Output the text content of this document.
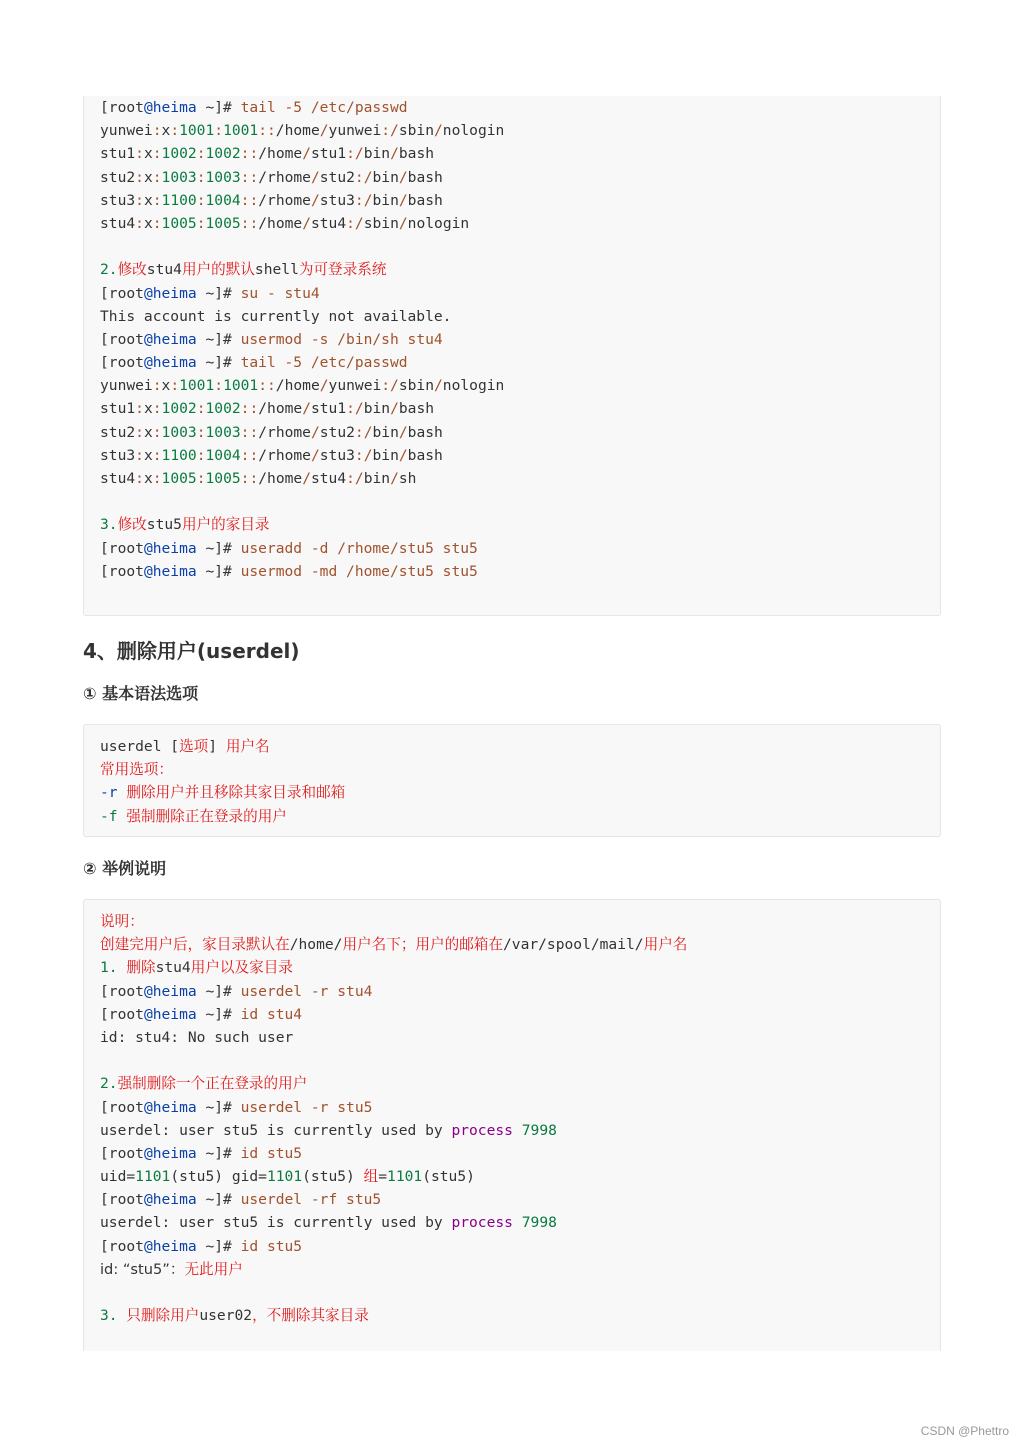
[root@heima ~]# tail -5 /etc/passwd
yunwei:x:1001:1001::/home/yunwei:/sbin/nologin
stu1:x:1002:1002::/home/stu1:/bin/bash
stu2:x:1003:1003::/rhome/stu2:/bin/bash
stu3:x:1100:1004::/rhome/stu3:/bin/bash
stu4:x:1005:1005::/home/stu4:/sbin/nologin

2.修改stu4用户的默认shell为可登录系统
[root@heima ~]# su - stu4
This account is currently not available.
[root@heima ~]# usermod -s /bin/sh stu4
[root@heima ~]# tail -5 /etc/passwd
yunwei:x:1001:1001::/home/yunwei:/sbin/nologin
stu1:x:1002:1002::/home/stu1:/bin/bash
stu2:x:1003:1003::/rhome/stu2:/bin/bash
stu3:x:1100:1004::/rhome/stu3:/bin/bash
stu4:x:1005:1005::/home/stu4:/bin/sh

3.修改stu5用户的家目录
[root@heima ~]# useradd -d /rhome/stu5 stu5
[root@heima ~]# usermod -md /home/stu5 stu5
4、删除用户(userdel)
① 基本语法选项
userdel [选项] 用户名
常用选项：
-r 删除用户并且移除其家目录和邮箱
-f 强制删除正在登录的用户
② 举例说明
说明：
创建完用户后，家目录默认在/home/用户名下；用户的邮箱在/var/spool/mail/用户名
1. 删除stu4用户以及家目录
[root@heima ~]# userdel -r stu4
[root@heima ~]# id stu4
id: stu4: No such user

2.强制删除一个正在登录的用户
[root@heima ~]# userdel -r stu5
userdel: user stu5 is currently used by process 7998
[root@heima ~]# id stu5
uid=1101(stu5) gid=1101(stu5) 组=1101(stu5)
[root@heima ~]# userdel -rf stu5
userdel: user stu5 is currently used by process 7998
[root@heima ~]# id stu5
id: “stu5”：无此用户

3. 只删除用户user02，不删除其家目录
CSDN @Phettro
